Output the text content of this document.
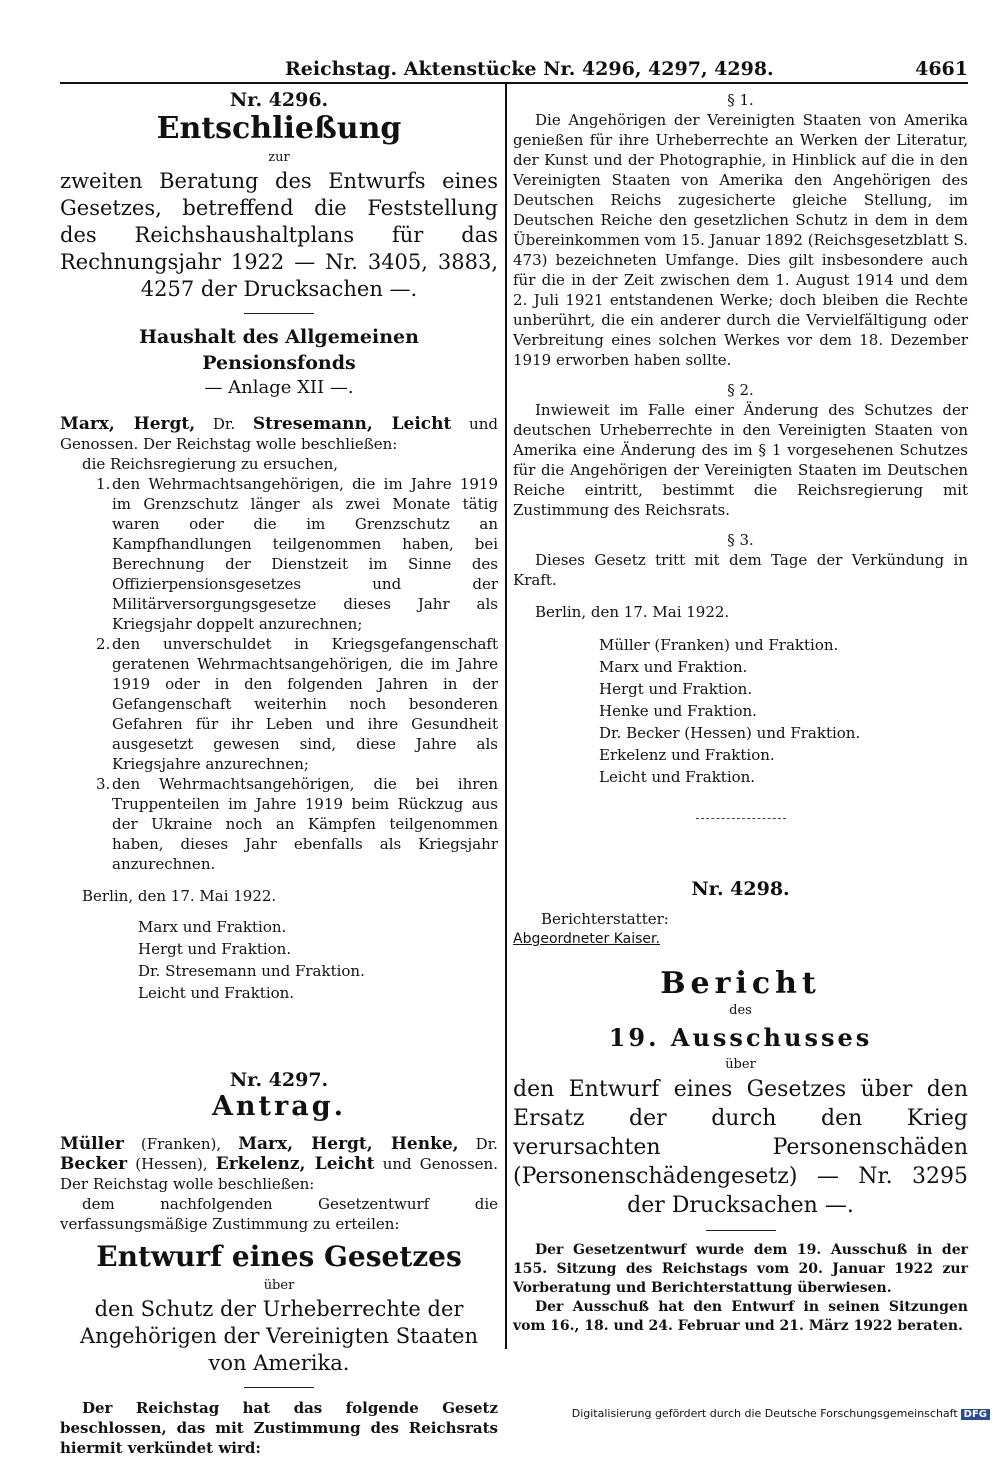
Reichstag. Aktenstücke Nr. 4296, 4297, 4298.	4661

Nr. 4296.

Entschließung

zur

zweiten Beratung des Entwurfs eines Gesetzes, betreffend die Feststellung des Reichshaushaltplans für das Rechnungsjahr 1922 — Nr. 3405, 3883, 4257 der Drucksachen —.

Haushalt des Allgemeinen Pensionsfonds

— Anlage XII —.

Marx, Hergt, Dr. Stresemann, Leicht und Genossen. Der Reichstag wolle beschließen:

die Reichsregierung zu ersuchen,

1. den Wehrmachtsangehörigen, die im Jahre 1919 im Grenzschutz länger als zwei Monate tätig waren oder die im Grenzschutz an Kampfhandlungen teilgenommen haben, bei Berechnung der Dienstzeit im Sinne des Offizierpensionsgesetzes und der Militärversorgungsgesetze dieses Jahr als Kriegsjahr doppelt anzurechnen;
2. den unverschuldet in Kriegsgefangenschaft geratenen Wehrmachtsangehörigen, die im Jahre 1919 oder in den folgenden Jahren in der Gefangenschaft weiterhin noch besonderen Gefahren für ihr Leben und ihre Gesundheit ausgesetzt gewesen sind, diese Jahre als Kriegsjahre anzurechnen;
3. den Wehrmachtsangehörigen, die bei ihren Truppenteilen im Jahre 1919 beim Rückzug aus der Ukraine noch an Kämpfen teilgenommen haben, dieses Jahr ebenfalls als Kriegsjahr anzurechnen.

Berlin, den 17. Mai 1922.

Marx und Fraktion.
Hergt und Fraktion.
Dr. Stresemann und Fraktion.
Leicht und Fraktion.

Nr. 4297.

Antrag.

Müller (Franken), Marx, Hergt, Henke, Dr. Becker (Hessen), Erkelenz, Leicht und Genossen. Der Reichstag wolle beschließen:

dem nachfolgenden Gesetzentwurf die verfassungsmäßige Zustimmung zu erteilen:

Entwurf eines Gesetzes

über

den Schutz der Urheberrechte der Angehörigen der Vereinigten Staaten von Amerika.

Der Reichstag hat das folgende Gesetz beschlossen, das mit Zustimmung des Reichsrats hiermit verkündet wird:

§ 1.

Die Angehörigen der Vereinigten Staaten von Amerika genießen für ihre Urheberrechte an Werken der Literatur, der Kunst und der Photographie, in Hinblick auf die in den Vereinigten Staaten von Amerika den Angehörigen des Deutschen Reichs zugesicherte gleiche Stellung, im Deutschen Reiche den gesetzlichen Schutz in dem in dem Übereinkommen vom 15. Januar 1892 (Reichsgesetzblatt S. 473) bezeichneten Umfange. Dies gilt insbesondere auch für die in der Zeit zwischen dem 1. August 1914 und dem 2. Juli 1921 entstandenen Werke; doch bleiben die Rechte unberührt, die ein anderer durch die Vervielfältigung oder Verbreitung eines solchen Werkes vor dem 18. Dezember 1919 erworben haben sollte.

§ 2.

Inwieweit im Falle einer Änderung des Schutzes der deutschen Urheberrechte in den Vereinigten Staaten von Amerika eine Änderung des im § 1 vorgesehenen Schutzes für die Angehörigen der Vereinigten Staaten im Deutschen Reiche eintritt, bestimmt die Reichsregierung mit Zustimmung des Reichsrats.

§ 3.

Dieses Gesetz tritt mit dem Tage der Verkündung in Kraft.

Berlin, den 17. Mai 1922.

Müller (Franken) und Fraktion.
Marx und Fraktion.
Hergt und Fraktion.
Henke und Fraktion.
Dr. Becker (Hessen) und Fraktion.
Erkelenz und Fraktion.
Leicht und Fraktion.

Nr. 4298.

Berichterstatter:

Abgeordneter Kaiser.

Bericht

des

19. Ausschusses

über

den Entwurf eines Gesetzes über den Ersatz der durch den Krieg verursachten Personenschäden (Personenschädengesetz) — Nr. 3295 der Drucksachen —.

Der Gesetzentwurf wurde dem 19. Ausschuß in der 155. Sitzung des Reichstags vom 20. Januar 1922 zur Vorberatung und Berichterstattung überwiesen.

Der Ausschuß hat den Entwurf in seinen Sitzungen vom 16., 18. und 24. Februar und 21. März 1922 beraten.

Digitalisierung gefördert durch die Deutsche Forschungsgemeinschaft DFG
